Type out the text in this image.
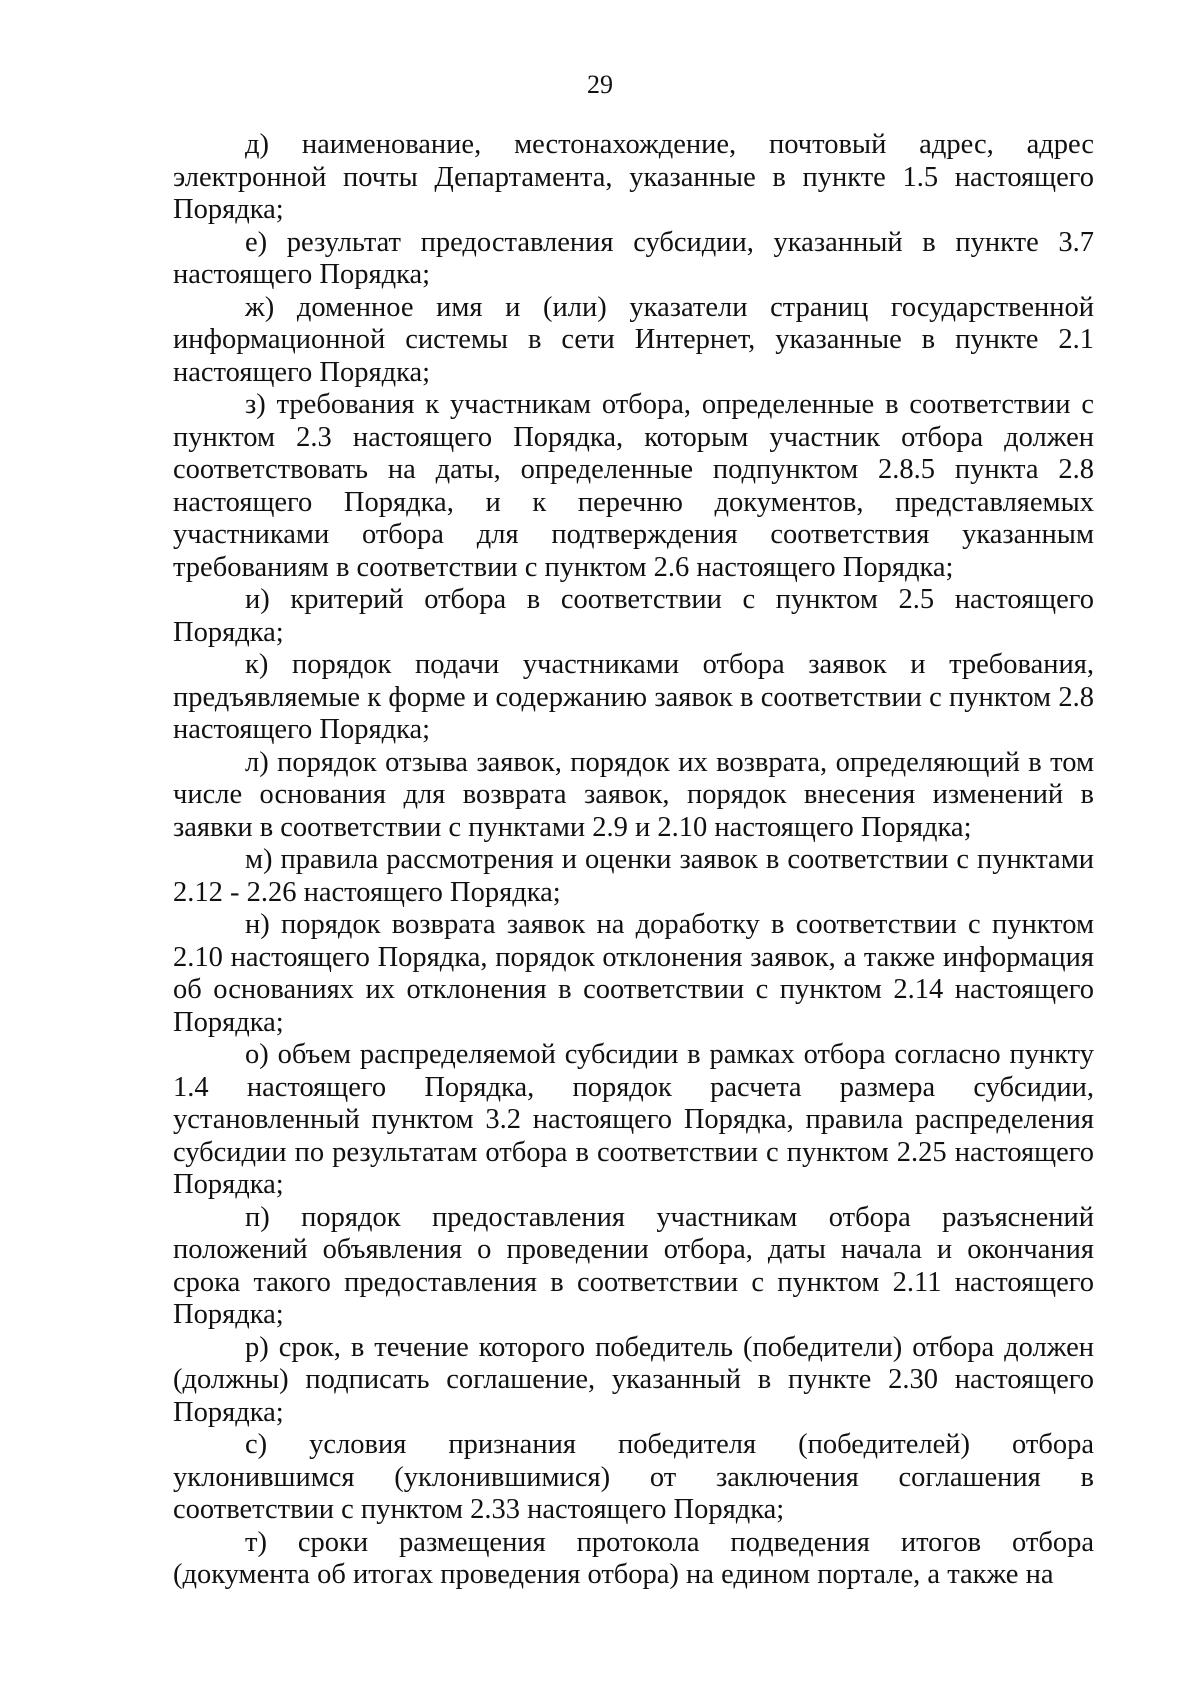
29

д) наименование, местонахождение, почтовый адрес, адрес электронной почты Департамента, указанные в пункте 1.5 настоящего Порядка;

е) результат предоставления субсидии, указанный в пункте 3.7 настоящего Порядка;

ж) доменное имя и (или) указатели страниц государственной информационной системы в сети Интернет, указанные в пункте 2.1 настоящего Порядка;

з) требования к участникам отбора, определенные в соответствии с пунктом 2.3 настоящего Порядка, которым участник отбора должен соответствовать на даты, определенные подпунктом 2.8.5 пункта 2.8 настоящего Порядка, и к перечню документов, представляемых участниками отбора для подтверждения соответствия указанным требованиям в соответствии с пунктом 2.6 настоящего Порядка;

и) критерий отбора в соответствии с пунктом 2.5 настоящего Порядка;

к) порядок подачи участниками отбора заявок и требования, предъявляемые к форме и содержанию заявок в соответствии с пунктом 2.8 настоящего Порядка;

л) порядок отзыва заявок, порядок их возврата, определяющий в том числе основания для возврата заявок, порядок внесения изменений в заявки в соответствии с пунктами 2.9 и 2.10 настоящего Порядка;

м) правила рассмотрения и оценки заявок в соответствии с пунктами 2.12 - 2.26 настоящего Порядка;

н) порядок возврата заявок на доработку в соответствии с пунктом 2.10 настоящего Порядка, порядок отклонения заявок, а также информация об основаниях их отклонения в соответствии с пунктом 2.14 настоящего Порядка;

о) объем распределяемой субсидии в рамках отбора согласно пункту 1.4 настоящего Порядка, порядок расчета размера субсидии, установленный пунктом 3.2 настоящего Порядка, правила распределения субсидии по результатам отбора в соответствии с пунктом 2.25 настоящего Порядка;

п) порядок предоставления участникам отбора разъяснений положений объявления о проведении отбора, даты начала и окончания срока такого предоставления в соответствии с пунктом 2.11 настоящего Порядка;

р) срок, в течение которого победитель (победители) отбора должен (должны) подписать соглашение, указанный в пункте 2.30 настоящего Порядка;

с) условия признания победителя (победителей) отбора уклонившимся (уклонившимися) от заключения соглашения в соответствии с пунктом 2.33 настоящего Порядка;

т) сроки размещения протокола подведения итогов отбора (документа об итогах проведения отбора) на едином портале, а также на
